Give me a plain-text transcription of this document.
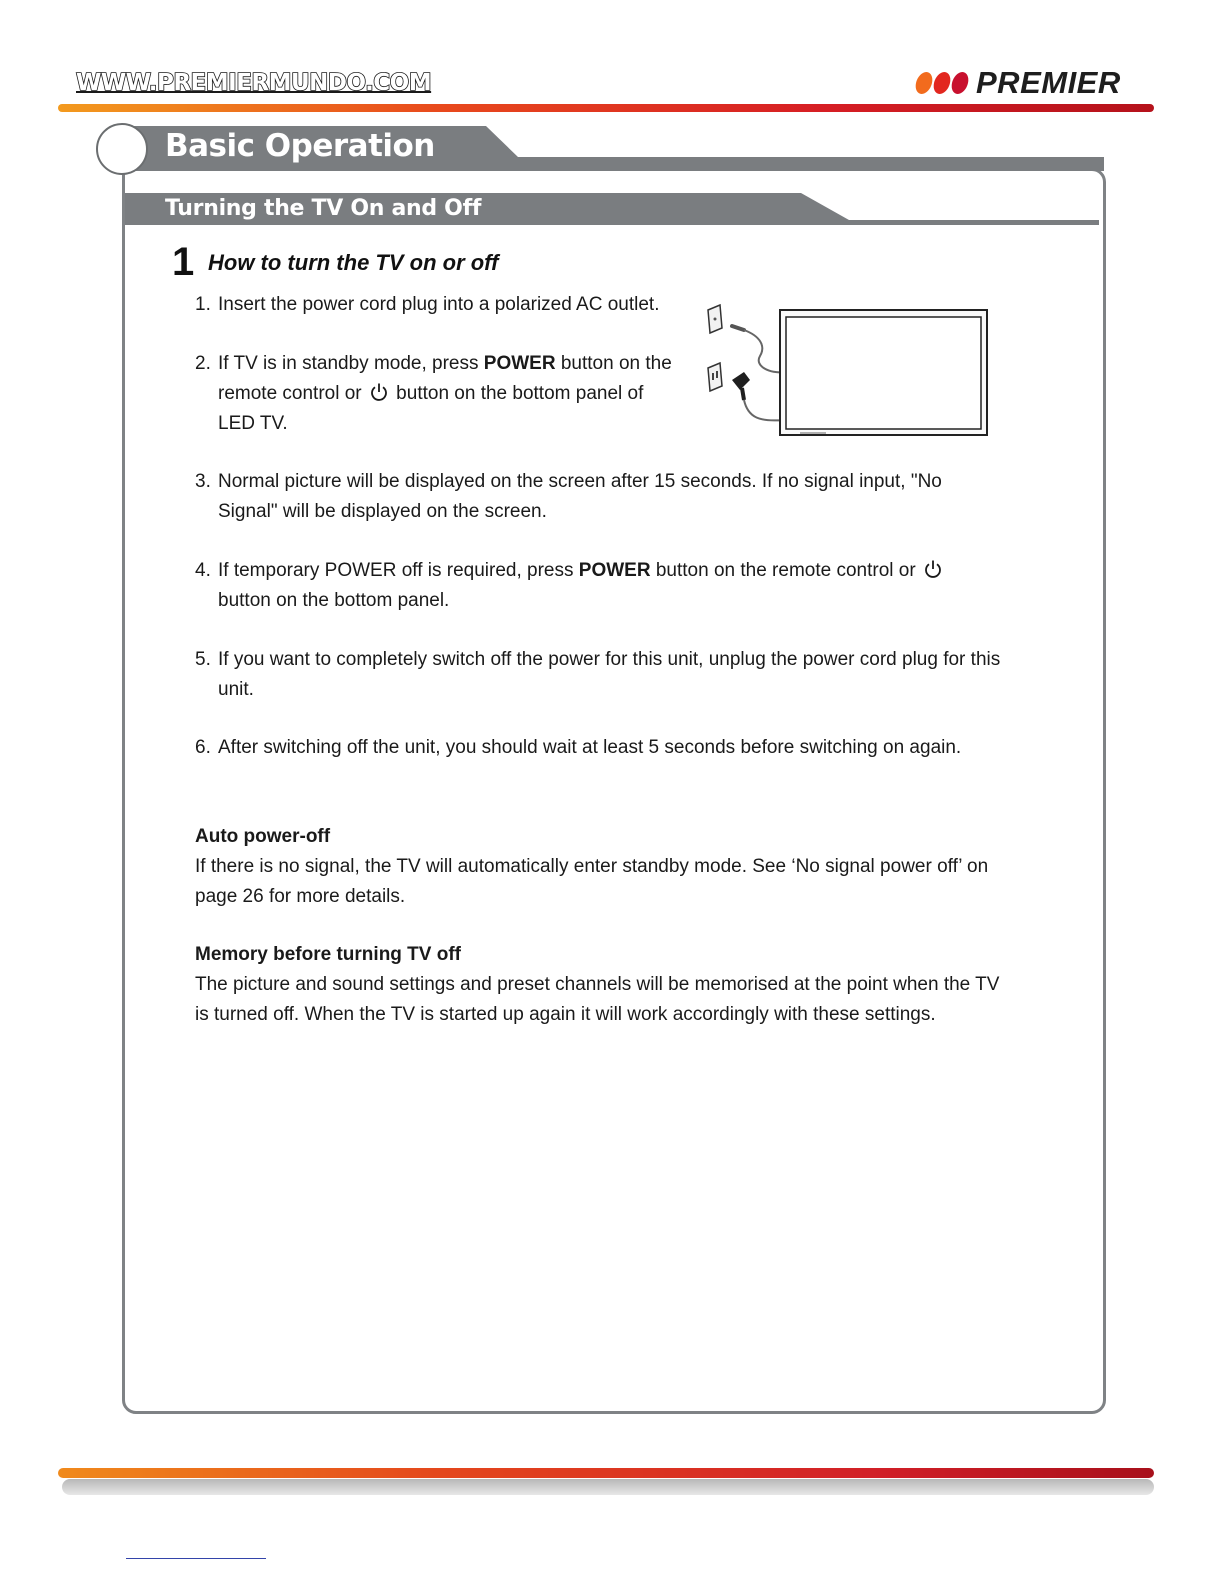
WWW.PREMIERMUNDO.COM	PREMIER
Basic Operation
Turning the TV On and Off
1 How to turn the TV on or off
1. Insert the power cord plug into a polarized AC outlet.
2. If TV is in standby mode, press POWER button on the remote control or  button on the bottom panel of LED TV.
3. Normal picture will be displayed on the screen after 15 seconds. If no signal input, "No Signal" will be displayed on the screen.
4. If temporary POWER off is required, press POWER button on the remote control or  button on the bottom panel.
5. If you want to completely switch off the power for this unit, unplug the power cord plug for this unit.
6. After switching off the unit, you should wait at least 5 seconds before switching on again.
Auto power-off
If there is no signal, the TV will automatically enter standby mode. See ‘No signal power off’ on page 26 for more details.
Memory before turning TV off
The picture and sound settings and preset channels will be memorised at the point when the TV is turned off. When the TV is started up again it will work accordingly with these settings.
